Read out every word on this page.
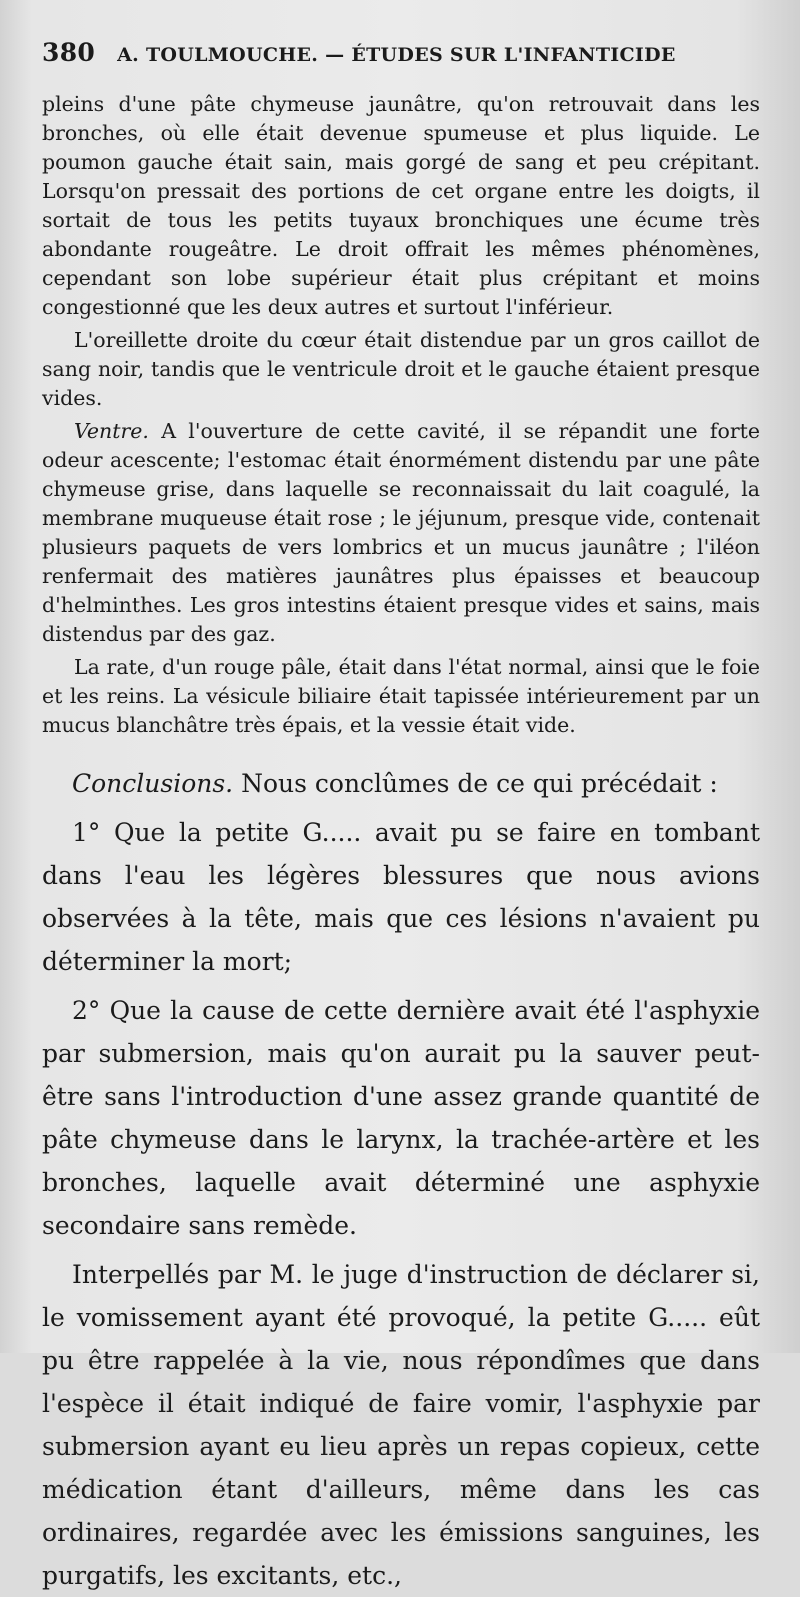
380 A. TOULMOUCHE. — ÉTUDES SUR L'INFANTICIDE

pleins d'une pâte chymeuse jaunâtre, qu'on retrouvait dans les bronches, où elle était devenue spumeuse et plus liquide. Le poumon gauche était sain, mais gorgé de sang et peu crépitant. Lorsqu'on pressait des portions de cet organe entre les doigts, il sortait de tous les petits tuyaux bronchiques une écume très abondante rougeâtre. Le droit offrait les mêmes phénomènes, cependant son lobe supérieur était plus crépitant et moins congestionné que les deux autres et surtout l'inférieur.

L'oreillette droite du cœur était distendue par un gros caillot de sang noir, tandis que le ventricule droit et le gauche étaient presque vides.

Ventre. A l'ouverture de cette cavité, il se répandit une forte odeur acescente; l'estomac était énormément distendu par une pâte chymeuse grise, dans laquelle se reconnaissait du lait coagulé, la membrane muqueuse était rose ; le jéjunum, presque vide, contenait plusieurs paquets de vers lombrics et un mucus jaunâtre ; l'iléon renfermait des matières jaunâtres plus épaisses et beaucoup d'helminthes. Les gros intestins étaient presque vides et sains, mais distendus par des gaz.

La rate, d'un rouge pâle, était dans l'état normal, ainsi que le foie et les reins. La vésicule biliaire était tapissée intérieurement par un mucus blanchâtre très épais, et la vessie était vide.

Conclusions. Nous conclûmes de ce qui précédait :

1° Que la petite G..... avait pu se faire en tombant dans l'eau les légères blessures que nous avions observées à la tête, mais que ces lésions n'avaient pu déterminer la mort;

2° Que la cause de cette dernière avait été l'asphyxie par submersion, mais qu'on aurait pu la sauver peut-être sans l'introduction d'une assez grande quantité de pâte chymeuse dans le larynx, la trachée-artère et les bronches, laquelle avait déterminé une asphyxie secondaire sans remède.

Interpellés par M. le juge d'instruction de déclarer si, le vomissement ayant été provoqué, la petite G..... eût pu être rappelée à la vie, nous répondîmes que dans l'espèce il était indiqué de faire vomir, l'asphyxie par submersion ayant eu lieu après un repas copieux, cette médication étant d'ailleurs, même dans les cas ordinaires, regardée avec les émissions sanguines, les purgatifs, les excitants, etc.,
